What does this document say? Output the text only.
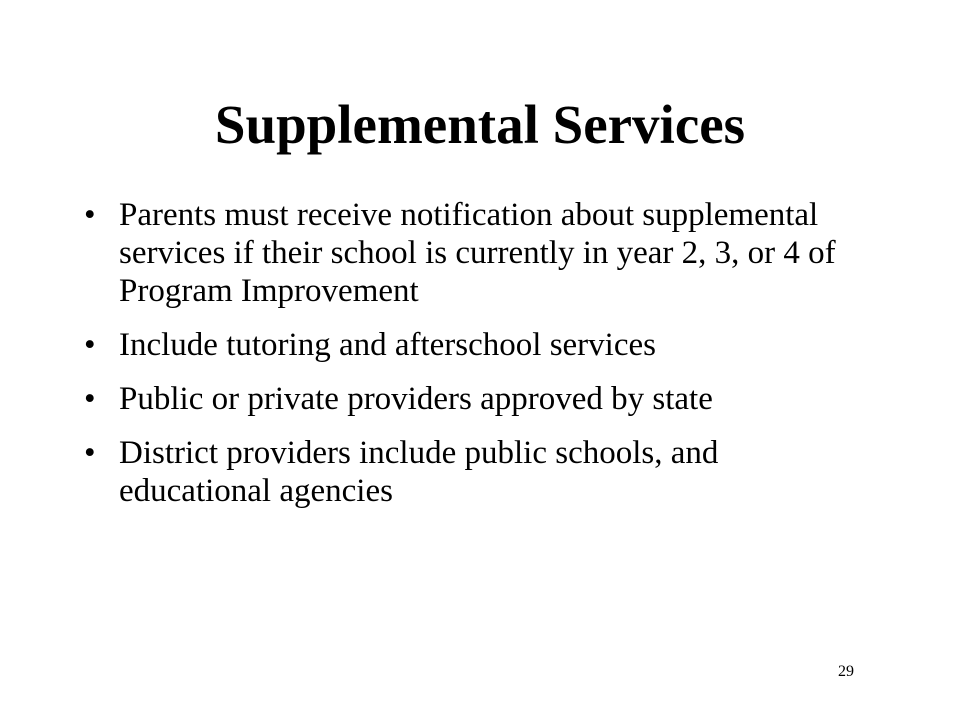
Supplemental Services
• Parents must receive notification about supplemental services if their school is currently in year 2, 3, or 4 of Program Improvement
• Include tutoring and afterschool services
• Public or private providers approved by state
• District providers include public schools, and educational agencies
29
